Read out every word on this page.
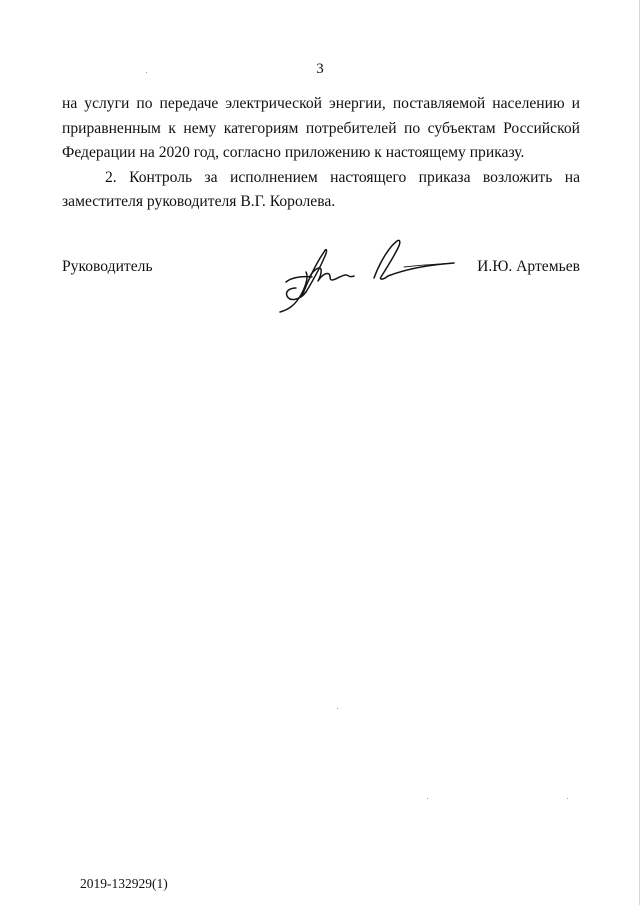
3

на услуги по передаче электрической энергии, поставляемой населению и приравненным к нему категориям потребителей по субъектам Российской Федерации на 2020 год, согласно приложению к настоящему приказу.

2. Контроль за исполнением настоящего приказа возложить на заместителя руководителя В.Г. Королева.

Руководитель	И.Ю. Артемьев
2019-132929(1)
